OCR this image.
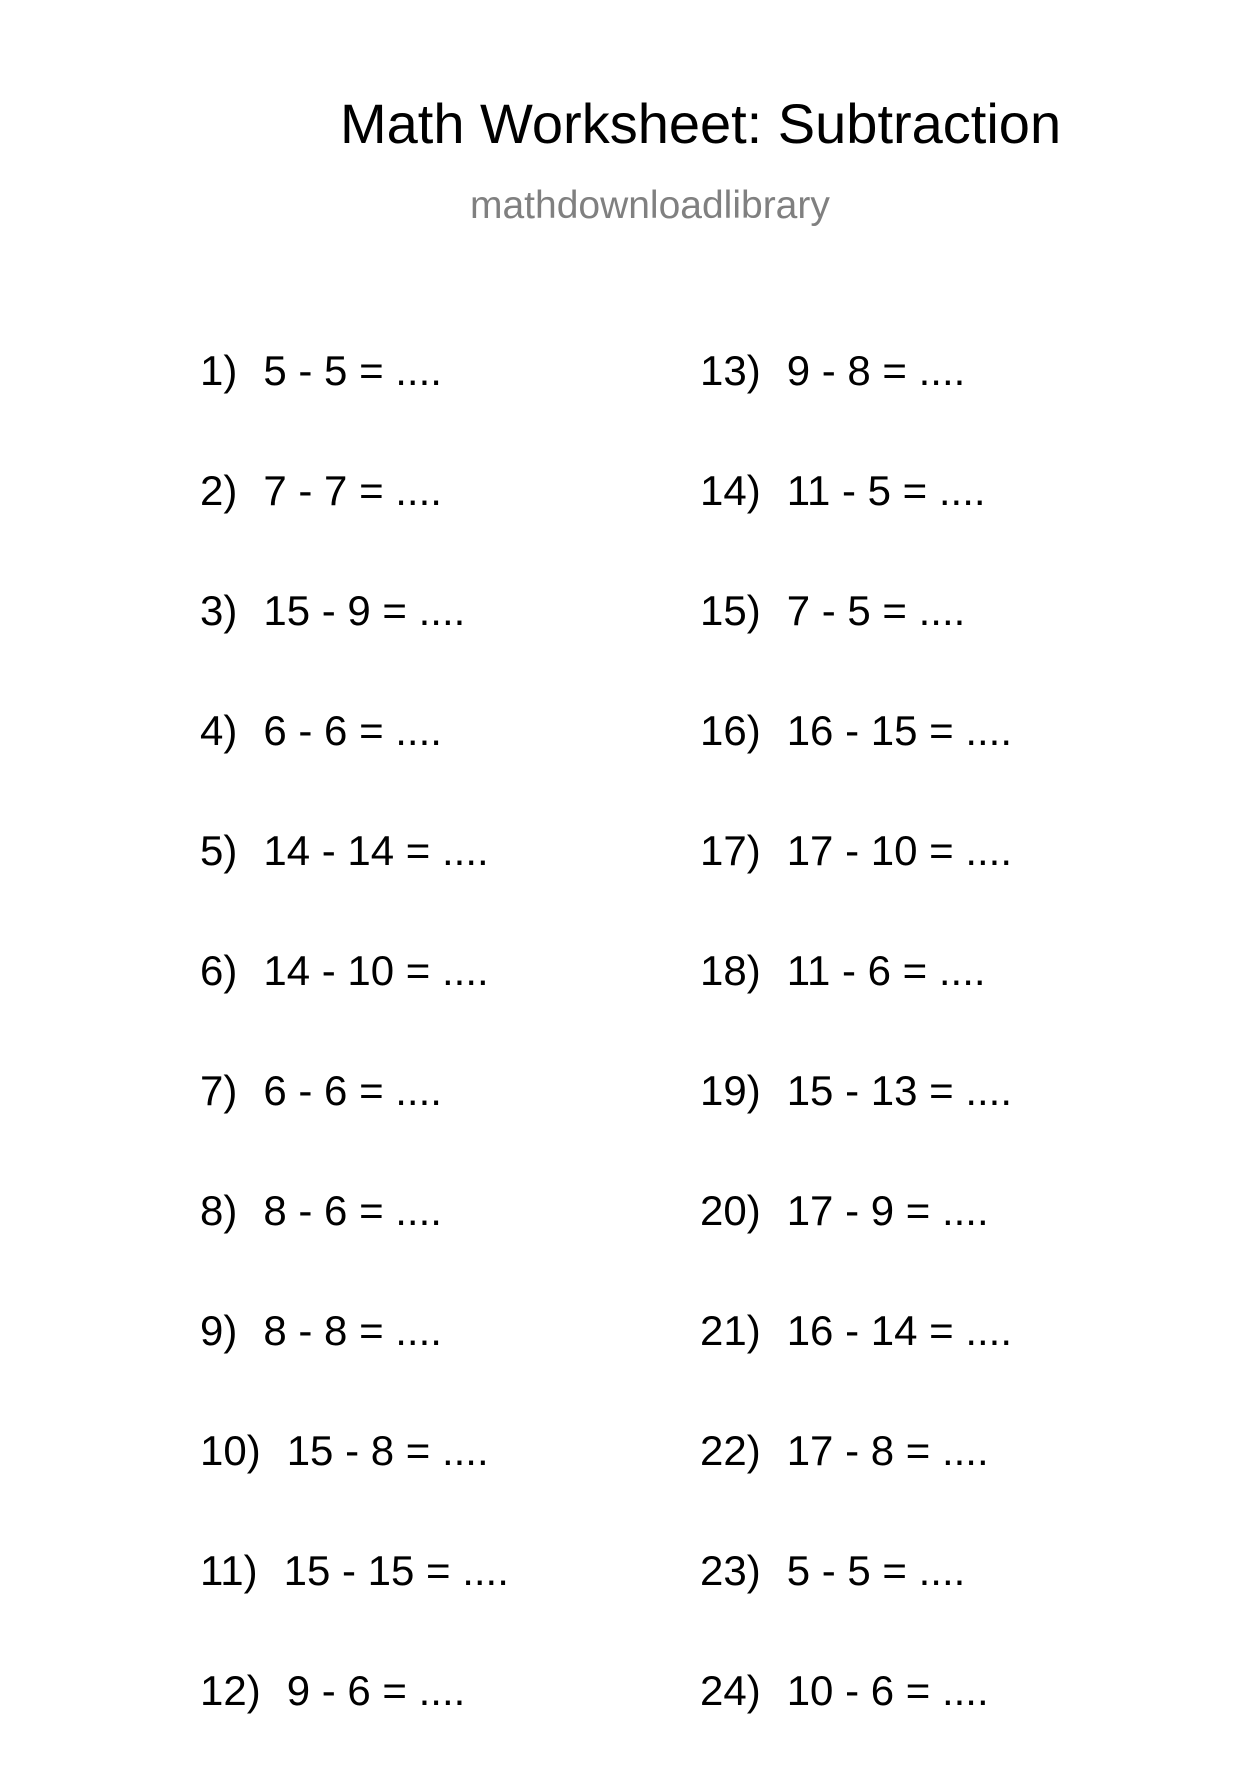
Math Worksheet: Subtraction
mathdownloadlibrary
1) 5 - 5 = ....
2) 7 - 7 = ....
3) 15 - 9 = ....
4) 6 - 6 = ....
5) 14 - 14 = ....
6) 14 - 10 = ....
7) 6 - 6 = ....
8) 8 - 6 = ....
9) 8 - 8 = ....
10) 15 - 8 = ....
11) 15 - 15 = ....
12) 9 - 6 = ....
13) 9 - 8 = ....
14) 11 - 5 = ....
15) 7 - 5 = ....
16) 16 - 15 = ....
17) 17 - 10 = ....
18) 11 - 6 = ....
19) 15 - 13 = ....
20) 17 - 9 = ....
21) 16 - 14 = ....
22) 17 - 8 = ....
23) 5 - 5 = ....
24) 10 - 6 = ....
